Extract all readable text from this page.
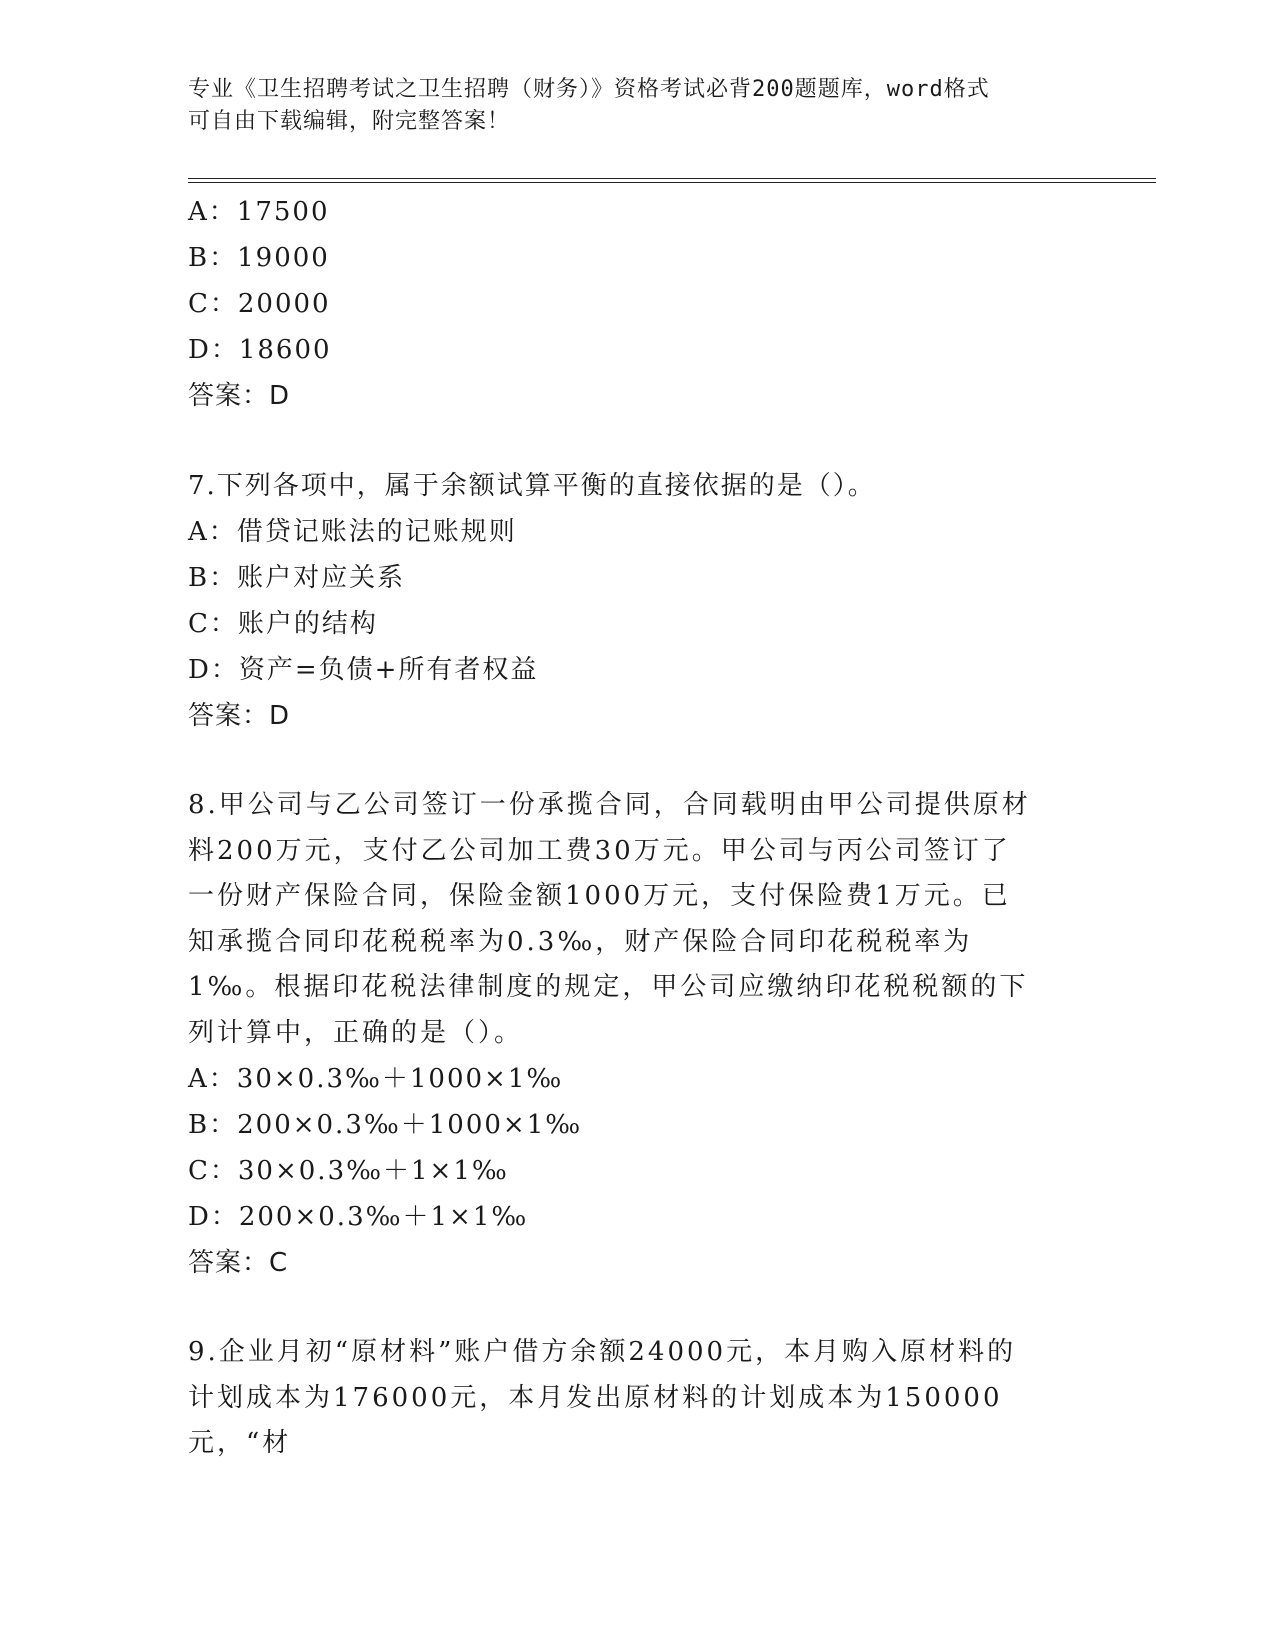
专业《卫生招聘考试之卫生招聘（财务）》资格考试必背200题题库，word格式
可自由下载编辑，附完整答案！
A：17500
B：19000
C：20000
D：18600
答案：D
7.下列各项中，属于余额试算平衡的直接依据的是（）。
A：借贷记账法的记账规则
B：账户对应关系
C：账户的结构
D：资产=负债+所有者权益
答案：D
8.甲公司与乙公司签订一份承揽合同，合同载明由甲公司提供原材料200万元，支付乙公司加工费30万元。甲公司与丙公司签订了一份财产保险合同，保险金额1000万元，支付保险费1万元。已知承揽合同印花税税率为0.3‰，财产保险合同印花税税率为1‰。根据印花税法律制度的规定，甲公司应缴纳印花税税额的下列计算中，正确的是（）。
A：30×0.3‰＋1000×1‰
B：200×0.3‰＋1000×1‰
C：30×0.3‰＋1×1‰
D：200×0.3‰＋1×1‰
答案：C
9.企业月初“原材料”账户借方余额24000元，本月购入原材料的计划成本为176000元，本月发出原材料的计划成本为150000元，“材
